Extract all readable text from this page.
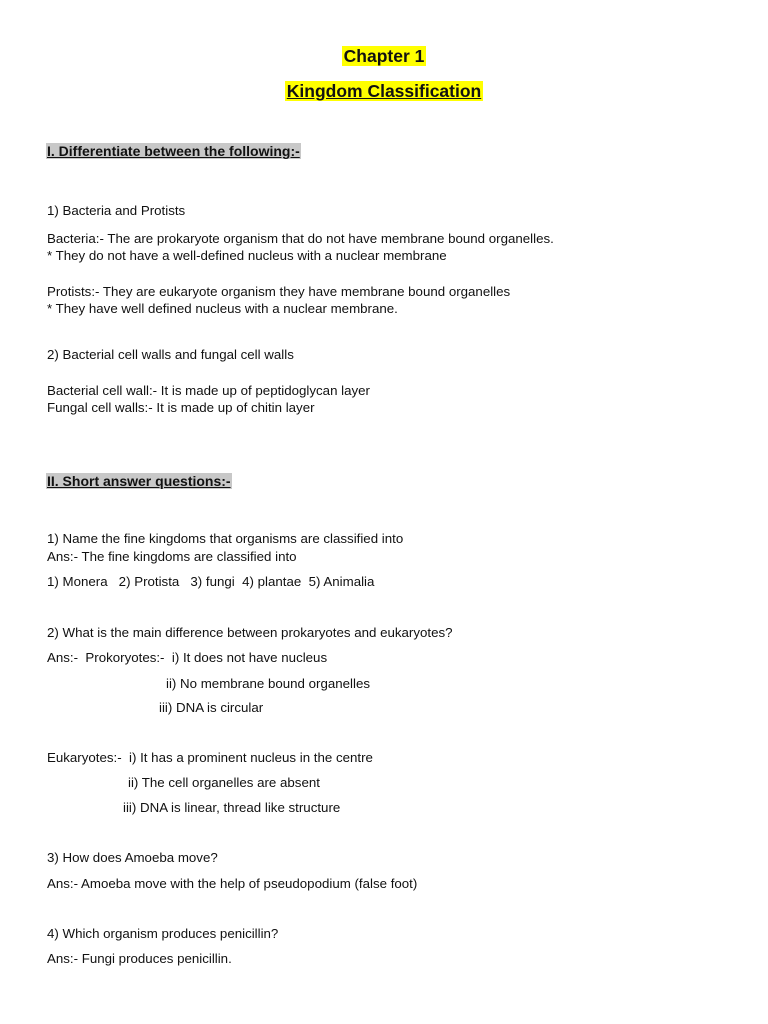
Chapter 1
Kingdom Classification
I. Differentiate between the following:-
1) Bacteria and Protists
Bacteria:- The are prokaryote organism that do not have membrane bound organelles.
* They do not have a well-defined nucleus with a nuclear membrane
Protists:- They are eukaryote organism they have membrane bound organelles
* They have well defined nucleus with a nuclear membrane.
2) Bacterial cell walls and fungal cell walls
Bacterial cell wall:- It is made up of peptidoglycan layer
Fungal cell walls:- It is made up of chitin layer
II. Short answer questions:-
1) Name the fine kingdoms that organisms are classified into
Ans:- The fine kingdoms are classified into
1) Monera   2) Protista   3) fungi  4) plantae  5) Animalia
2) What is the main difference between prokaryotes and eukaryotes?
Ans:-  Prokoryotes:-  i) It does not have nucleus
ii) No membrane bound organelles
iii) DNA is circular
Eukaryotes:-  i) It has a prominent nucleus in the centre
ii) The cell organelles are absent
iii) DNA is linear, thread like structure
3) How does Amoeba move?
Ans:- Amoeba move with the help of pseudopodium (false foot)
4) Which organism produces penicillin?
Ans:- Fungi produces penicillin.
